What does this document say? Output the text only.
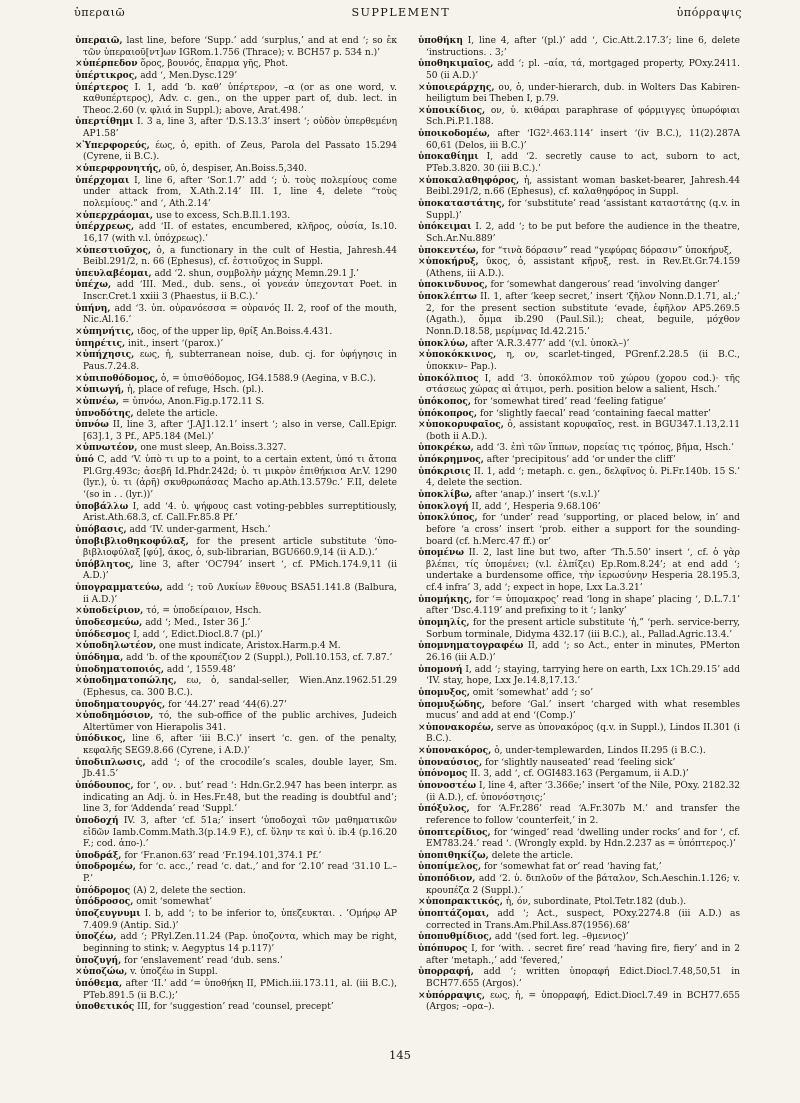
ὑπεραιῶ	SUPPLEMENT	ὑπόρραψις

ὑπεραιῶ, last line, before ‘Supp.’ add ‘surplus,’ and at end ‘; so ἐκ τῶν ὑπεραιοῦ[ντ]ων IGRom.1.756 (Thrace); v. BCH57 p. 534 n.)’

×ὑπέρπεδον ὅρος, βουνός, ἔπαρμα γῆς, Phot.

ὑπέρτικρος, add ‘, Men.Dysc.129’

ὑπέρτερος I. 1, add ‘b. καθ’ ὑπέρτερον, –α (or as one word, v. καθυπέρτερος), Adv. c. gen., on the upper part of, dub. lect. in Theoc.2.60 (v. φλιά in Suppl.); above, Arat.498.’

ὑπερτίθημι I. 3 a, line 3, after ‘D.S.13.3’ insert ‘; οὐδὸν ὑπερθεμένη AP1.58’

×Ὑπερφορεύς, έως, ὁ, epith. of Zeus, Parola del Passato 15.294 (Cyrene, ii B.C.).

×ὑπερφρονητής, οῦ, ὁ, despiser, An.Boiss.5,340.

ὑπέρχομαι I, line 6, after ‘Sor.1.7’ add ‘; ὑ. τοὺς πολεμίους come under attack from, X.Ath.2.14’ III. 1, line 4, delete “τοὺς πολεμίους.” and ‘, Ath.2.14’

×ὑπερχράομαι, use to excess, Sch.B.Il.1.193.

ὑπέρχρεως, add ‘II. of estates, encumbered, κλῆρος, οὐσία, Is.10. 16,17 (with v.l. ὑπόχρεως).’

×ὑπεστιοῦχος, ὁ, a functionary in the cult of Hestia, Jahresh.44 Beibl.291/2, n. 66 (Ephesus), cf. ἑστιοῦχος in Suppl.

ὑπευλαβέομαι, add ‘2. shun, συμβολὴν μάχης Memn.29.1 J.’

ὑπέχω, add ‘III. Med., dub. sens., οἱ γονεάν ὑπεχοντατ Poet. in Inscr.Cret.1 xxiii 3 (Phaestus, ii B.C.).’

ὑπήνη, add ‘3. ὑπ. οὐρανόεσσα = οὐρανός II. 2, roof of the mouth, Nic.Al.16.’

×ὑπηνήτις, ιδος, of the upper lip, θρίξ An.Boiss.4.431.

ὑπηρέτις, init., insert ‘(parox.)’

×ὑπήχησις, εως, ἡ, subterranean noise, dub. cj. for ὑφήγησις in Paus.7.24.8.

×ὑπιποθόδομος, ὁ, = ὑπισθόδομος, IG4.1588.9 (Aegina, v B.C.).

×ὑπιωγή, ἡ, place of refuge, Hsch. (pl.).

×ὑπνέω, = ὑπνόω, Anon.Fig.p.172.11 S.

ὑπνοδότης, delete the article.

ὑπνόω II, line 3, after ‘J.AJ1.12.1’ insert ‘; also in verse, Call.Epigr. [63].1, 3 Pf., AP5.184 (Mel.)’

×ὑπνωτέον, one must sleep, An.Boiss.3.327.

ὑπό C, add ‘V. ὑπὸ τι up to a point, to a certain extent, ὑπό τι ἄτοπα Pl.Grg.493c; ἀσεβῆ Id.Phdr.242d; ὑ. τι μικρὸν ἐπιθήκισα Ar.V. 1290 (lyr.), ὑ. τι (ἀρῆ) σκυθρωπάσας Macho ap.Ath.13.579c.’ F.II, delete ‘(so in . . (lyr.))’

ὑποβάλλω I, add ‘4. ὑ. ψήφους cast voting-pebbles surreptitiously, Arist.Ath.68.3, cf. Call.Fr.85.8 Pf.’

ὑπόβασις, add ‘IV. under-garment, Hsch.’

ὑποβιβλιοθηκοφύλαξ, for the present article substitute ‘ὑπο-βιβλιοφύλαξ [φύ], άκος, ὁ, sub-librarian, BGU660.9,14 (ii A.D.).’

ὑπόβλητος, line 3, after ‘OC794’ insert ‘, cf. PMich.174.9,11 (ii A.D.)’

ὑπογραμματεύω, add ‘; τοῦ Λυκίων ἔθνους BSA51.141.8 (Balbura, ii A.D.)’

×ὑποδείριον, τό, = ὑποδείραιον, Hsch.

ὑποδεσμεύω, add ‘; Med., Ister 36 J.’

ὑπόδεσμος I, add ‘, Edict.Diocl.8.7 (pl.)’

×ὑποδηλωτέον, one must indicate, Aristox.Harm.p.4 M.

ὑπόδημα, add ‘b. of the κρουπέζιον 2 (Suppl.), Poll.10.153, cf. 7.87.’

ὑποδηματοποιός, add ‘, 1559.48’

×ὑποδηματοπώλης, εω, ὁ, sandal-seller, Wien.Anz.1962.51.29 (Ephesus, ca. 300 B.C.).

ὑποδηματουργός, for ‘44.27’ read ‘44(6).27’

×ὑποδημόσιον, τό, the sub-office of the public archives, Judeich Altertümer von Hierapolis 341.

ὑπόδικος, line 6, after ‘iii B.C.)’ insert ‘c. gen. of the penalty, κεφαλῆς SEG9.8.66 (Cyrene, i A.D.)’

ὑποδιπλωσις, add ‘; of the crocodile’s scales, double layer, Sm. Jb.41.5’

ὑπόδουπος, for ‘, ον. . but’ read ‘: Hdn.Gr.2.947 has been interpr. as indicating an Adj. ὑ. in Hes.Fr.48, but the reading is doubtful and’; line 3, for ‘Addenda’ read ‘Suppl.’

ὑποδοχή IV. 3, after ‘cf. 51a;’ insert ‘ὑποδοχαὶ τῶν μαθηματικῶν εἰδῶν Iamb.Comm.Math.3(p.14.9 F.), cf. ὕλην τε καὶ ὑ. ib.4 (p.16.20 F.; cod. ἀπο-).’

ὑποδράξ, for ‘Fr.anon.63’ read ‘Fr.194.101,374.1 Pf.’

ὑποδρομέω, for ‘c. acc.,’ read ‘c. dat.,’ and for ‘2.10’ read ‘31.10 L.–P.’

ὑπόδρομος (A) 2, delete the section.

ὑπόδροσος, omit ‘somewhat’

ὑποζευγνυμι I. b, add ‘; to be inferior to, ὑπεζευκται. . ’Ομήρῳ AP 7.409.9 (Antip. Sid.)’

ὑποζέω, add ‘; PRyl.Zen.11.24 (Pap. ὑποζοντα, which may be right, beginning to stink; v. Aegyptus 14 p.117)’

ὑποζυγή, for ‘enslavement’ read ‘dub. sens.’

×ὑποζώω, v. ὑποζέω in Suppl.

ὑπόθεμα, after ‘II.’ add ‘= ὑποθήκη II, PMich.iii.173.11, al. (iii B.C.), PTeb.891.5 (ii B.C.);’

ὑποθετικός III, for ‘suggestion’ read ‘counsel, precept’

ὑποθήκη I, line 4, after ‘(pl.)’ add ‘, Cic.Att.2.17.3’; line 6, delete ‘instructions. . 3;’

ὑποθηκιμαῖος, add ‘; pl. –αία, τά, mortgaged property, POxy.2411. 50 (ii A.D.)’

×ὑποιεράρχης, ου, ὁ, under-hierarch, dub. in Wolters Das Kabiren-heiligtum bei Theben I, p.79.

×ὑποικίδιος, ον, ὑ. κιθάραι paraphrase of φόρμιγγες ὑπωρόφιαι Sch.Pi.P.1.188.

ὑποικοδομέω, after ‘IG2².463.114’ insert ‘(iv B.C.), 11(2).287A 60,61 (Delos, iii B.C.)’

ὑποκαθίημι I, add ‘2. secretly cause to act, suborn to act, PTeb.3.820. 30 (iii B.C.).’

×ὑποκαλαθηφόρος, ἡ, assistant woman basket-bearer, Jahresh.44 Beibl.291/2, n.66 (Ephesus), cf. καλαθηφόρος in Suppl.

ὑποκαταστάτης, for ‘substitute’ read ‘assistant καταστάτης (q.v. in Suppl.)’

ὑπόκειμαι I. 2, add ‘; to be put before the audience in the theatre, Sch.Ar.Nu.889’

ὑποκεντέω, for “τινὰ δόρασιν” read “γεφύρας δόρασιν” ὑποκήρυξ,

×ὑποκήρυξ, ῦκος, ὁ, assistant κῆρυξ, rest. in Rev.Et.Gr.74.159 (Athens, iii A.D.).

ὑποκινδυνος, for ‘somewhat dangerous’ read ‘involving danger’

ὑποκλέπτω II. 1, after ‘keep secret,’ insert ‘ζῆλον Nonn.D.1.71, al.;’ 2, for the present section substitute ‘evade, ἐφῆλον AP5.269.5 (Agath.), ὄμμα ib.290 (Paul.Sil.); cheat, beguile, μόχθον Nonn.D.18.58, μερίμνας Id.42.215.’

ὑποκλύω, after ‘A.R.3.477’ add ‘(v.l. ὑποκλ–)’

×ὑποκόκκινος, η, ον, scarlet-tinged, PGrenf.2.28.5 (ii B.C., ὑποκκιν– Pap.).

ὑποκόλπιος I, add ‘3. ὑποκόλπιον τοῦ χώρου (χορου cod.)· τῆς στάσεως χώρας αἰ ἀτιμοι, perh. position below a salient, Hsch.’

ὑπόκοπος, for ‘somewhat tired’ read ‘feeling fatigue’

ὑπόκοπρος, for ‘slightly faecal’ read ‘containing faecal matter’

×ὑποκορυφαῖος, ὁ, assistant κορυφαῖος, rest. in BGU347.1.13,2.11 (both ii A.D.).

ὑποκρέκω, add ‘3. ἐπὶ τῶν ἵππων, πορείας τις τρόπος, βῆμα, Hsch.’

ὑπόκρημνος, after ‘precipitous’ add ‘or under the cliff’

ὑπόκρισις II. 1, add ‘; metaph. c. gen., δελφῖνος ὑ. Pi.Fr.140b. 15 S.’ 4, delete the section.

ὑποκλίβω, after ‘anap.)’ insert ‘(s.v.l.)’

ὑποκλογή II, add ‘, Hesperia 9.68.106’

ὑποκλύπος, for ‘under’ read ‘supporting, or placed below, in’ and before ‘a cross’ insert ‘prob. either a support for the sounding-board (cf. h.Merc.47 ff.) or’

ὑπομένω II. 2, last line but two, after ‘Th.5.50’ insert ‘, cf. ὁ γὰρ βλέπει, τίς ὑπομένει; (v.l. ἐλπίζει) Ep.Rom.8.24’; at end add ‘; undertake a burdensome office, τὴν ἱερωσύνην Hesperia 28.195.3, cf.4 infra’ 3, add ‘; expect in hope, Lxx La.3.21’

ὑπομήκης, for ‘= ὑπομακρος’ read ‘long in shape’ placing ‘, D.L.7.1’ after ‘Dsc.4.119’ and prefixing to it ‘; lanky’

ὑπομηλίς, for the present article substitute ‘ἡ,” ‘perh. service-berry, Sorbum torminale, Didyma 432.17 (iii B.C.), al., Pallad.Agric.13.4.’

ὑπομνηματογραφέω II, add ‘; so Act., enter in minutes, PMerton 26.16 (iii A.D.)’

ὑπομονή I, add ‘; staying, tarrying here on earth, Lxx 1Ch.29.15’ add ‘IV. stay, hope, Lxx Je.14.8,17.13.’

ὑπομυξος, omit ‘somewhat’ add ‘; so’

ὑπομυξώδης, before ‘Gal.’ insert ‘charged with what resembles mucus’ and add at end ‘(Comp.)’

×ὑπονακορέω, serve as ὑπονακόρος (q.v. in Suppl.), Lindos II.301 (i B.C.).

×ὑπονακόρος, ὁ, under-templewarden, Lindos II.295 (i B.C.).

ὑποναύσιος, for ‘slightly nauseated’ read ‘feeling sick’

ὑπόνομος II. 3, add ‘, cf. OGI483.163 (Pergamum, ii A.D.)’

ὑπονοστέω I, line 4, after ‘3.366e;’ insert ‘of the Nile, POxy. 2182.32 (ii A.D.), cf. ὑπονόστησις;’

ὑπόξυλος, for ‘A.Fr.286’ read ‘A.Fr.307b M.’ and transfer the reference to follow ‘counterfeit,’ in 2.

ὑποπτερίδιος, for ‘winged’ read ‘dwelling under rocks’ and for ‘, cf. EM783.24.’ read ‘. (Wrongly expld. by Hdn.2.237 as = ὑπόπτερος.)’

ὑποπιθηκίζω, delete the article.

ὑποπίμελος, for ‘somewhat fat or’ read ‘having fat,’

ὑποπόδιον, add ‘2. ὑ. διπλοῦν of the βάταλον, Sch.Aeschin.1.126; v. κρουπέζα 2 (Suppl.).’

×ὑποπρακτικός, ἡ, όν, subordinate, Ptol.Tetr.182 (dub.).

ὑποπτάζομαι, add ‘; Act., suspect, POxy.2274.8 (iii A.D.) as corrected in Trans.Am.Phil.Ass.87(1956).68’

ὑποπυθμίδιος, add ‘(sed fort. leg. –θμενιος)’

ὑπόπυρος I, for ‘with. . secret fire’ read ‘having fire, fiery’ and in 2 after ‘metaph.,’ add ‘fevered,’

ὑπορραφή, add ‘; written ὑποραφή Edict.Diocl.7.48,50,51 in BCH77.655 (Argos).’

×ὑπόρραψις, εως, ἡ, = ὑπορραφή, Edict.Diocl.7.49 in BCH77.655 (Argos; –ορα–).

145
